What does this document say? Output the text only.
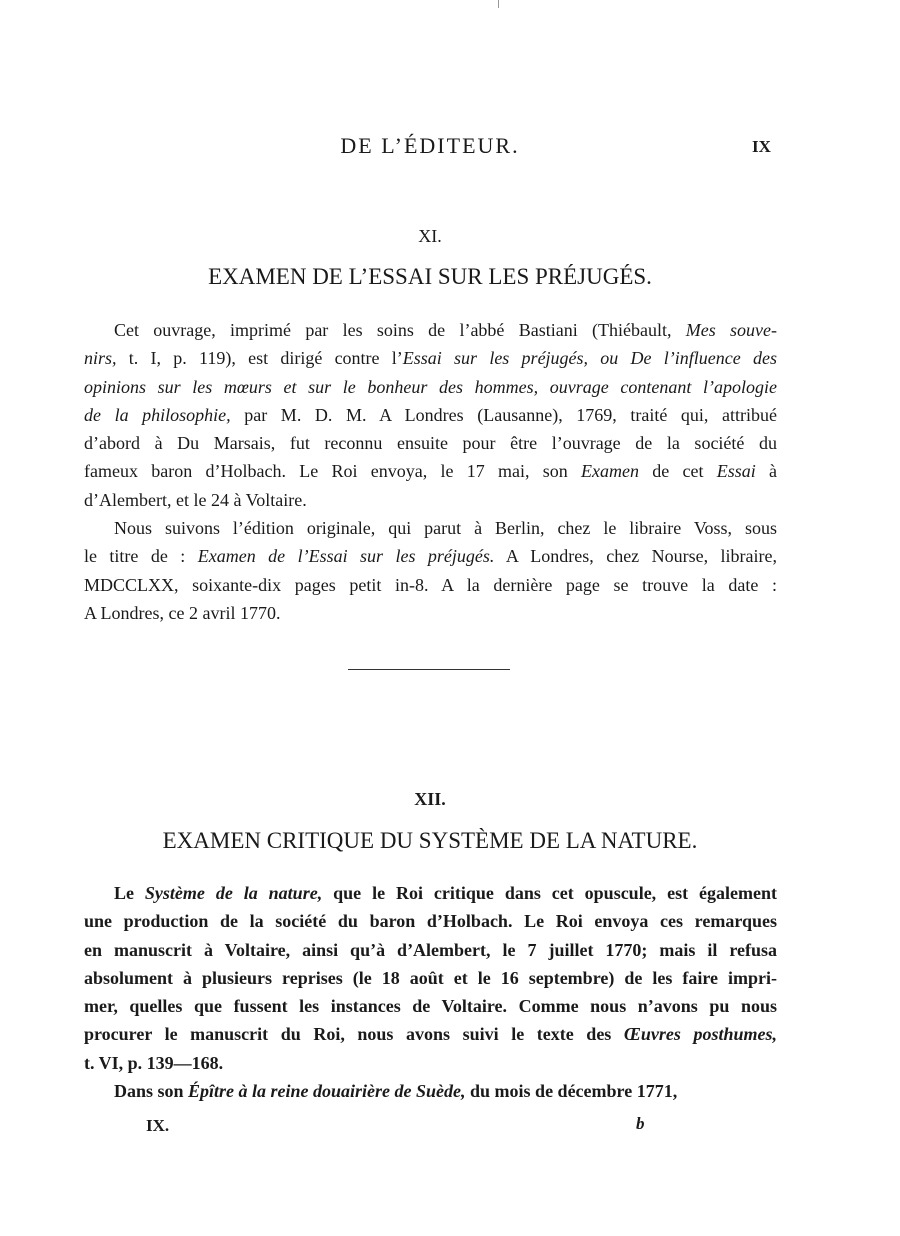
DE L’ÉDITEUR.	IX
XI.
EXAMEN DE L’ESSAI SUR LES PRÉJUGÉS.
Cet ouvrage, imprimé par les soins de l’abbé Bastiani (Thiébault, Mes souve-
nirs, t. I, p. 119), est dirigé contre l’Essai sur les préjugés, ou De l’influence des
opinions sur les mœurs et sur le bonheur des hommes, ouvrage contenant l’apologie
de la philosophie, par M. D. M. A Londres (Lausanne), 1769, traité qui, attribué
d’abord à Du Marsais, fut reconnu ensuite pour être l’ouvrage de la société du
fameux baron d’Holbach. Le Roi envoya, le 17 mai, son Examen de cet Essai à
d’Alembert, et le 24 à Voltaire.
Nous suivons l’édition originale, qui parut à Berlin, chez le libraire Voss, sous
le titre de : Examen de l’Essai sur les préjugés. A Londres, chez Nourse, libraire,
MDCCLXX, soixante-dix pages petit in-8. A la dernière page se trouve la date :
A Londres, ce 2 avril 1770.
XII.
EXAMEN CRITIQUE DU SYSTÈME DE LA NATURE.
Le Système de la nature, que le Roi critique dans cet opuscule, est également
une production de la société du baron d’Holbach. Le Roi envoya ces remarques
en manuscrit à Voltaire, ainsi qu’à d’Alembert, le 7 juillet 1770; mais il refusa
absolument à plusieurs reprises (le 18 août et le 16 septembre) de les faire impri-
mer, quelles que fussent les instances de Voltaire. Comme nous n’avons pu nous
procurer le manuscrit du Roi, nous avons suivi le texte des Œuvres posthumes,
t. VI, p. 139—168.
Dans son Épître à la reine douairière de Suède, du mois de décembre 1771,
IX.	b
